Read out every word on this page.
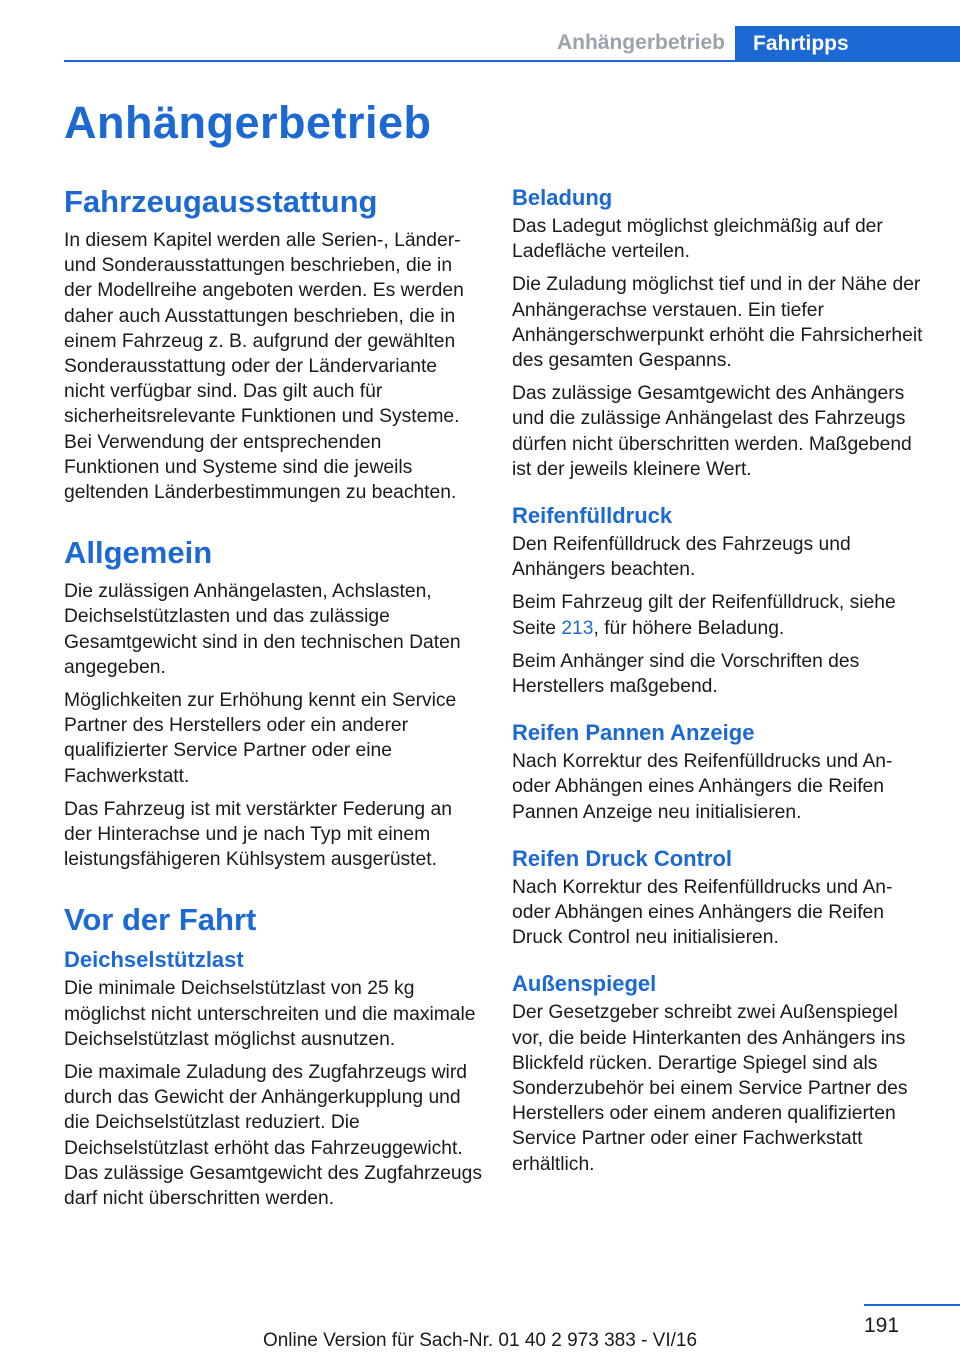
Anhängerbetrieb	Fahrtipps
Anhängerbetrieb
Fahrzeugausstattung

In diesem Kapitel werden alle Serien-, Länder- und Sonderausstattungen beschrieben, die in der Modellreihe angeboten werden. Es werden daher auch Ausstattungen beschrieben, die in einem Fahrzeug z. B. aufgrund der gewählten Sonderausstattung oder der Ländervariante nicht verfügbar sind. Das gilt auch für sicherheitsrelevante Funktionen und Systeme. Bei Verwendung der entsprechenden Funktionen und Systeme sind die jeweils geltenden Länderbestimmungen zu beachten.

Allgemein

Die zulässigen Anhängelasten, Achslasten, Deichselstützlasten und das zulässige Gesamtgewicht sind in den technischen Daten angegeben.

Möglichkeiten zur Erhöhung kennt ein Service Partner des Herstellers oder ein anderer qualifizierter Service Partner oder eine Fachwerkstatt.

Das Fahrzeug ist mit verstärkter Federung an der Hinterachse und je nach Typ mit einem leistungsfähigeren Kühlsystem ausgerüstet.

Vor der Fahrt
Deichselstützlast

Die minimale Deichselstützlast von 25 kg möglichst nicht unterschreiten und die maximale Deichselstützlast möglichst ausnutzen.

Die maximale Zuladung des Zugfahrzeugs wird durch das Gewicht der Anhängerkupplung und die Deichselstützlast reduziert. Die Deichselstützlast erhöht das Fahrzeuggewicht. Das zulässige Gesamtgewicht des Zugfahrzeugs darf nicht überschritten werden.

Beladung

Das Ladegut möglichst gleichmäßig auf der Ladefläche verteilen.

Die Zuladung möglichst tief und in der Nähe der Anhängerachse verstauen. Ein tiefer Anhängerschwerpunkt erhöht die Fahrsicherheit des gesamten Gespanns.

Das zulässige Gesamtgewicht des Anhängers und die zulässige Anhängelast des Fahrzeugs dürfen nicht überschritten werden. Maßgebend ist der jeweils kleinere Wert.

Reifenfülldruck

Den Reifenfülldruck des Fahrzeugs und Anhängers beachten.

Beim Fahrzeug gilt der Reifenfülldruck, siehe Seite 213, für höhere Beladung.

Beim Anhänger sind die Vorschriften des Herstellers maßgebend.

Reifen Pannen Anzeige

Nach Korrektur des Reifenfülldrucks und An- oder Abhängen eines Anhängers die Reifen Pannen Anzeige neu initialisieren.

Reifen Druck Control

Nach Korrektur des Reifenfülldrucks und An- oder Abhängen eines Anhängers die Reifen Druck Control neu initialisieren.

Außenspiegel

Der Gesetzgeber schreibt zwei Außenspiegel vor, die beide Hinterkanten des Anhängers ins Blickfeld rücken. Derartige Spiegel sind als Sonderzubehör bei einem Service Partner des Herstellers oder einem anderen qualifizierten Service Partner oder einer Fachwerkstatt erhältlich.

191
Online Version für Sach-Nr. 01 40 2 973 383 - VI/16
